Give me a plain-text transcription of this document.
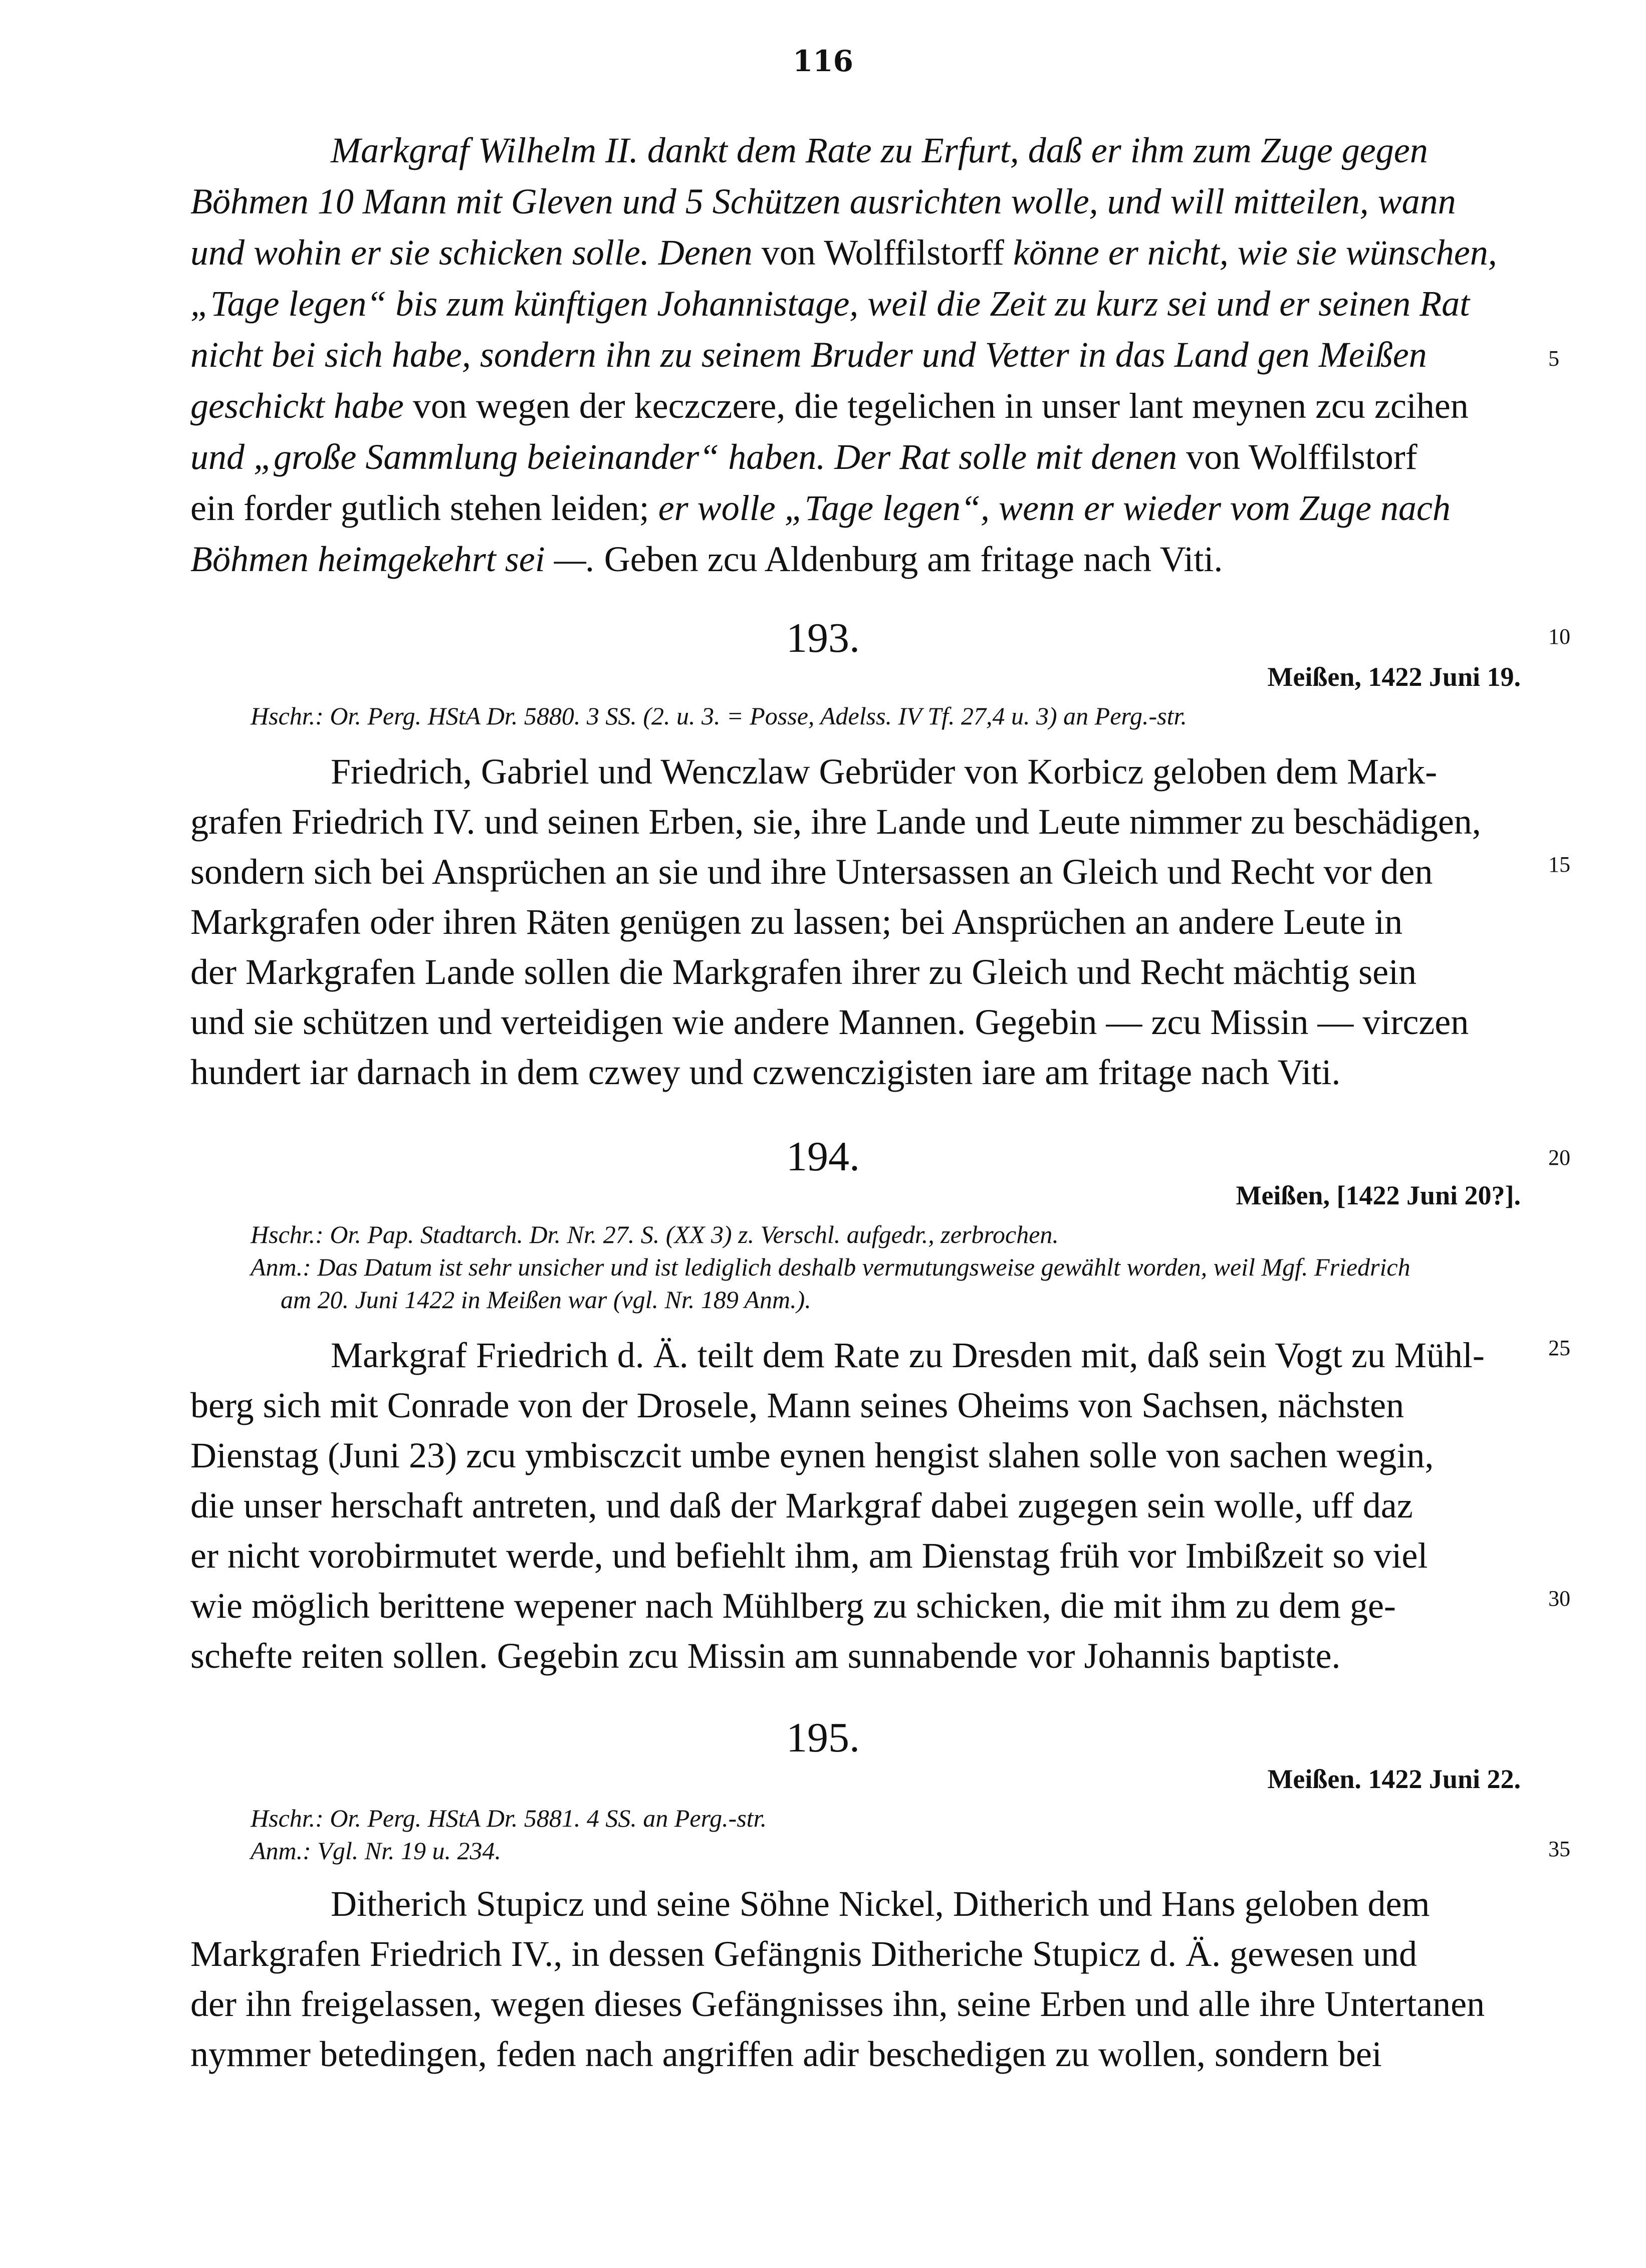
116
Markgraf Wilhelm II. dankt dem Rate zu Erfurt, daß er ihm zum Zuge gegen
Böhmen 10 Mann mit Gleven und 5 Schützen ausrichten wolle, und will mitteilen, wann
und wohin er sie schicken solle. Denen von Wolffilstorff könne er nicht, wie sie wünschen,
„Tage legen“ bis zum künftigen Johannistage, weil die Zeit zu kurz sei und er seinen Rat
nicht bei sich habe, sondern ihn zu seinem Bruder und Vetter in das Land gen Meißen
geschickt habe von wegen der keczczere, die tegelichen in unser lant meynen zcu zcihen
und „große Sammlung beieinander“ haben. Der Rat solle mit denen von Wolffilstorf
ein forder gutlich stehen leiden; er wolle „Tage legen“, wenn er wieder vom Zuge nach
Böhmen heimgekehrt sei —. Geben zcu Aldenburg am fritage nach Viti.
5
193.	10
Meißen, 1422 Juni 19.
Hschr.: Or. Perg. HStA Dr. 5880. 3 SS. (2. u. 3. = Posse, Adelss. IV Tf. 27,4 u. 3) an Perg.-str.
Friedrich, Gabriel und Wenczlaw Gebrüder von Korbicz geloben dem Mark-
grafen Friedrich IV. und seinen Erben, sie, ihre Lande und Leute nimmer zu beschädigen,
sondern sich bei Ansprüchen an sie und ihre Untersassen an Gleich und Recht vor den
Markgrafen oder ihren Räten genügen zu lassen; bei Ansprüchen an andere Leute in
der Markgrafen Lande sollen die Markgrafen ihrer zu Gleich und Recht mächtig sein
und sie schützen und verteidigen wie andere Mannen. Gegebin — zcu Missin — virczen
hundert iar darnach in dem czwey und czwenczigisten iare am fritage nach Viti.
15
194.	20
Meißen, [1422 Juni 20?].
Hschr.: Or. Pap. Stadtarch. Dr. Nr. 27. S. (XX 3) z. Verschl. aufgedr., zerbrochen.
Anm.: Das Datum ist sehr unsicher und ist lediglich deshalb vermutungsweise gewählt worden, weil Mgf. Friedrich
am 20. Juni 1422 in Meißen war (vgl. Nr. 189 Anm.).
Markgraf Friedrich d. Ä. teilt dem Rate zu Dresden mit, daß sein Vogt zu Mühl-
berg sich mit Conrade von der Drosele, Mann seines Oheims von Sachsen, nächsten
Dienstag (Juni 23) zcu ymbisczcit umbe eynen hengist slahen solle von sachen wegin,
die unser herschaft antreten, und daß der Markgraf dabei zugegen sein wolle, uff daz
er nicht vorobirmutet werde, und befiehlt ihm, am Dienstag früh vor Imbißzeit so viel
wie möglich berittene wepener nach Mühlberg zu schicken, die mit ihm zu dem ge-
schefte reiten sollen. Gegebin zcu Missin am sunnabende vor Johannis baptiste.
25
30
195.
Meißen. 1422 Juni 22.
Hschr.: Or. Perg. HStA Dr. 5881. 4 SS. an Perg.-str.
Anm.: Vgl. Nr. 19 u. 234.	35
Ditherich Stupicz und seine Söhne Nickel, Ditherich und Hans geloben dem
Markgrafen Friedrich IV., in dessen Gefängnis Ditheriche Stupicz d. Ä. gewesen und
der ihn freigelassen, wegen dieses Gefängnisses ihn, seine Erben und alle ihre Untertanen
nymmer betedingen, feden nach angriffen adir beschedigen zu wollen, sondern bei
